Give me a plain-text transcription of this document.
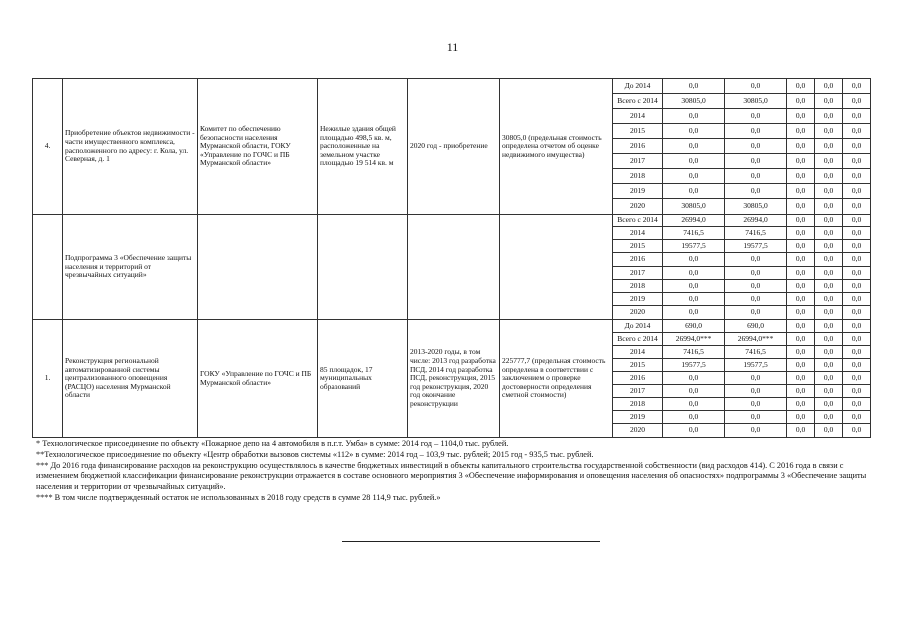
11
4.	Приобретение объектов недвижимости - части имущественного комплекса, расположенного по адресу: г. Кола, ул. Северная, д. 1	Комитет по обеспечению безопасности населения Мурманской области, ГОКУ «Управление по ГОЧС и ПБ Мурманской области»	Нежилые здания общей площадью 498,5 кв. м, расположенные на земельном участке площадью 19 514 кв. м	2020 год - приобретение	30805,0 (предельная стоимость определена отчетом об оценке недвижимого имущества)	До 2014	0,0	0,0	0,0	0,0	0,0
						Всего с 2014	30805,0	30805,0	0,0	0,0	0,0
						2014	0,0	0,0	0,0	0,0	0,0
						2015	0,0	0,0	0,0	0,0	0,0
						2016	0,0	0,0	0,0	0,0	0,0
						2017	0,0	0,0	0,0	0,0	0,0
						2018	0,0	0,0	0,0	0,0	0,0
						2019	0,0	0,0	0,0	0,0	0,0
						2020	30805,0	30805,0	0,0	0,0	0,0
	Подпрограмма 3 «Обеспечение защиты населения и территорий от чрезвычайных ситуаций»					Всего с 2014	26994,0	26994,0	0,0	0,0	0,0
						2014	7416,5	7416,5	0,0	0,0	0,0
						2015	19577,5	19577,5	0,0	0,0	0,0
						2016	0,0	0,0	0,0	0,0	0,0
						2017	0,0	0,0	0,0	0,0	0,0
						2018	0,0	0,0	0,0	0,0	0,0
						2019	0,0	0,0	0,0	0,0	0,0
						2020	0,0	0,0	0,0	0,0	0,0
1.	Реконструкция региональной автоматизированной системы централизованного оповещения (РАСЦО) населения Мурманской области	ГОКУ «Управление по ГОЧС и ПБ Мурманской области»	85 площадок, 17 муниципальных образований	2013-2020 годы, в том числе: 2013 год разработка ПСД, 2014 год разработка ПСД, реконструкция, 2015 год реконструкция, 2020 год окончание реконструкции	225777,7 (предельная стоимость определена в соответствии с заключением о проверке достоверности определения сметной стоимости)	До 2014	690,0	690,0	0,0	0,0	0,0
						Всего с 2014	26994,0***	26994,0***	0,0	0,0	0,0
						2014	7416,5	7416,5	0,0	0,0	0,0
						2015	19577,5	19577,5	0,0	0,0	0,0
						2016	0,0	0,0	0,0	0,0	0,0
						2017	0,0	0,0	0,0	0,0	0,0
						2018	0,0	0,0	0,0	0,0	0,0
						2019	0,0	0,0	0,0	0,0	0,0
						2020	0,0	0,0	0,0	0,0	0,0

* Технологическое присоединение по объекту «Пожарное депо на 4 автомобиля в п.г.т. Умба» в сумме: 2014 год – 1104,0 тыс. рублей.

**Технологическое присоединение по объекту «Центр обработки вызовов системы «112» в сумме: 2014 год – 103,9 тыс. рублей; 2015 год - 935,5 тыс. рублей.

*** До 2016 года финансирование расходов на реконструкцию осуществлялось в качестве бюджетных инвестиций в объекты капитального строительства государственной собственности (вид расходов 414). С 2016 года в связи с изменением бюджетной классификации финансирование реконструкции отражается в составе основного мероприятия 3 «Обеспечение информирования и оповещения населения об опасностях» подпрограммы 3 «Обеспечение защиты населения и территории от чрезвычайных ситуаций».

**** В том числе подтвержденный остаток не использованных в 2018 году средств в сумме 28 114,9 тыс. рублей.»
